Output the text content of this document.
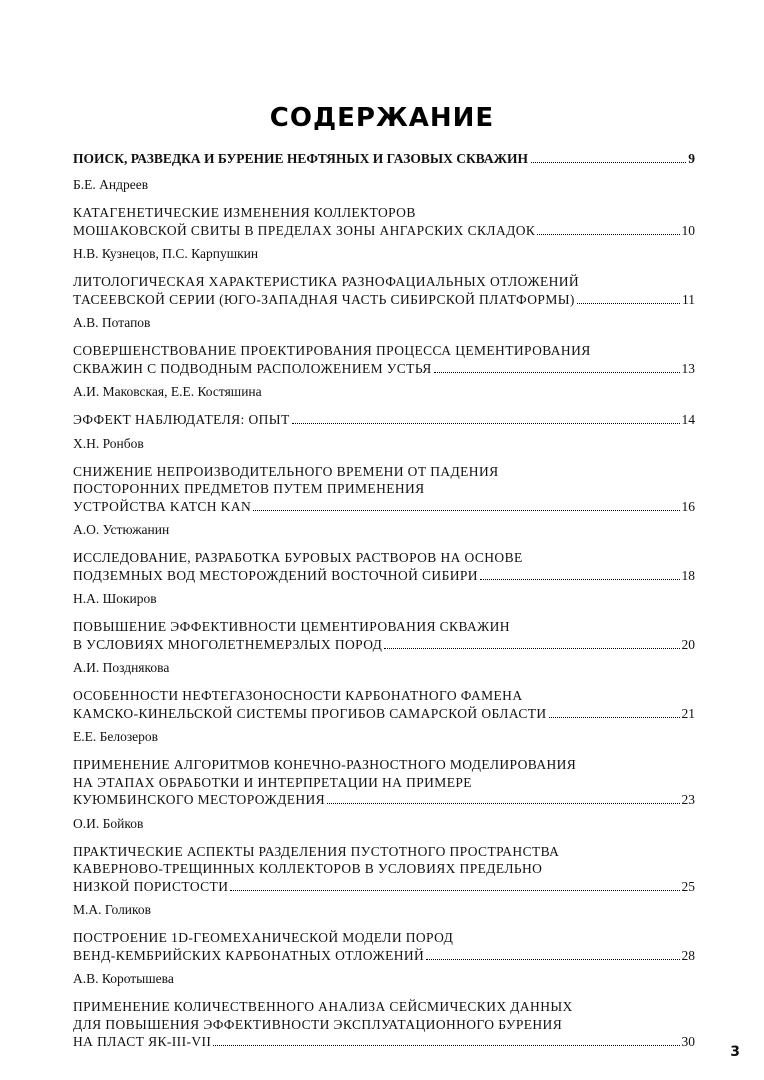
СОДЕРЖАНИЕ
ПОИСК, РАЗВЕДКА И БУРЕНИЕ НЕФТЯНЫХ И ГАЗОВЫХ СКВАЖИН	9
Б.Е. Андреев
КАТАГЕНЕТИЧЕСКИЕ ИЗМЕНЕНИЯ КОЛЛЕКТОРОВ
МОШАКОВСКОЙ СВИТЫ В ПРЕДЕЛАХ ЗОНЫ АНГАРСКИХ СКЛАДОК	10
Н.В. Кузнецов, П.С. Карпушкин
ЛИТОЛОГИЧЕСКАЯ ХАРАКТЕРИСТИКА РАЗНОФАЦИАЛЬНЫХ ОТЛОЖЕНИЙ
ТАСЕЕВСКОЙ СЕРИИ (ЮГО-ЗАПАДНАЯ ЧАСТЬ СИБИРСКОЙ ПЛАТФОРМЫ)	11
А.В. Потапов
СОВЕРШЕНСТВОВАНИЕ ПРОЕКТИРОВАНИЯ ПРОЦЕССА ЦЕМЕНТИРОВАНИЯ
СКВАЖИН С ПОДВОДНЫМ РАСПОЛОЖЕНИЕМ УСТЬЯ	13
А.И. Маковская, Е.Е. Костяшина
ЭФФЕКТ НАБЛЮДАТЕЛЯ: ОПЫТ	14
Х.Н. Ронбов
СНИЖЕНИЕ НЕПРОИЗВОДИТЕЛЬНОГО ВРЕМЕНИ ОТ ПАДЕНИЯ
ПОСТОРОННИХ ПРЕДМЕТОВ ПУТЕМ ПРИМЕНЕНИЯ
УСТРОЙСТВА KATCH KAN	16
А.О. Устюжанин
ИССЛЕДОВАНИЕ, РАЗРАБОТКА БУРОВЫХ РАСТВОРОВ НА ОСНОВЕ
ПОДЗЕМНЫХ ВОД МЕСТОРОЖДЕНИЙ ВОСТОЧНОЙ СИБИРИ	18
Н.А. Шокиров
ПОВЫШЕНИЕ ЭФФЕКТИВНОСТИ ЦЕМЕНТИРОВАНИЯ СКВАЖИН
В УСЛОВИЯХ МНОГОЛЕТНЕМЕРЗЛЫХ ПОРОД	20
А.И. Позднякова
ОСОБЕННОСТИ НЕФТЕГАЗОНОСНОСТИ КАРБОНАТНОГО ФАМЕНА
КАМСКО-КИНЕЛЬСКОЙ СИСТЕМЫ ПРОГИБОВ САМАРСКОЙ ОБЛАСТИ	21
Е.Е. Белозеров
ПРИМЕНЕНИЕ АЛГОРИТМОВ КОНЕЧНО-РАЗНОСТНОГО МОДЕЛИРОВАНИЯ
НА ЭТАПАХ ОБРАБОТКИ И ИНТЕРПРЕТАЦИИ НА ПРИМЕРЕ
КУЮМБИНСКОГО МЕСТОРОЖДЕНИЯ	23
О.И. Бойков
ПРАКТИЧЕСКИЕ АСПЕКТЫ РАЗДЕЛЕНИЯ ПУСТОТНОГО ПРОСТРАНСТВА
КАВЕРНОВО-ТРЕЩИННЫХ КОЛЛЕКТОРОВ В УСЛОВИЯХ ПРЕДЕЛЬНО
НИЗКОЙ ПОРИСТОСТИ	25
М.А. Голиков
ПОСТРОЕНИЕ 1D-ГЕОМЕХАНИЧЕСКОЙ МОДЕЛИ ПОРОД
ВЕНД-КЕМБРИЙСКИХ КАРБОНАТНЫХ ОТЛОЖЕНИЙ	28
А.В. Коротышева
ПРИМЕНЕНИЕ КОЛИЧЕСТВЕННОГО АНАЛИЗА СЕЙСМИЧЕСКИХ ДАННЫХ
ДЛЯ ПОВЫШЕНИЯ ЭФФЕКТИВНОСТИ ЭКСПЛУАТАЦИОННОГО БУРЕНИЯ
НА ПЛАСТ ЯК-III-VII	30
3
